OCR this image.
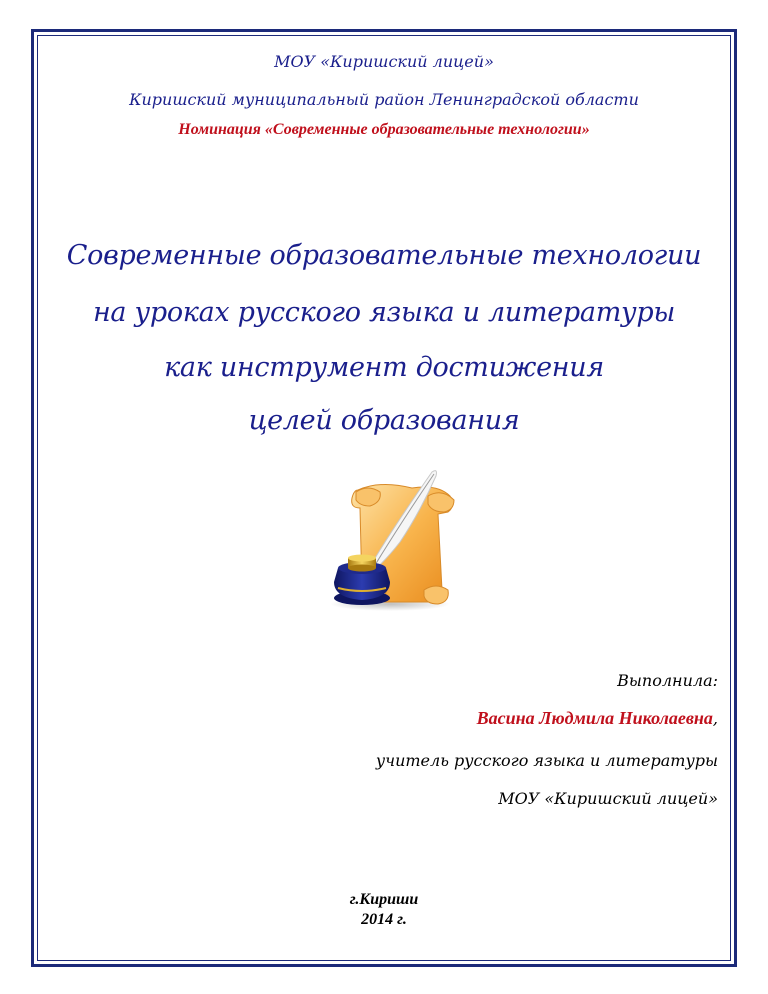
МОУ «Киришский лицей»
Киришский муниципальный район Ленинградской области
Номинация «Современные образовательные технологии»
Современные образовательные технологии
на уроках русского языка и литературы
как инструмент достижения
целей образования
Выполнила:
Васина Людмила Николаевна,
учитель русского языка и литературы
МОУ «Киришский лицей»
г.Кириши
2014 г.
